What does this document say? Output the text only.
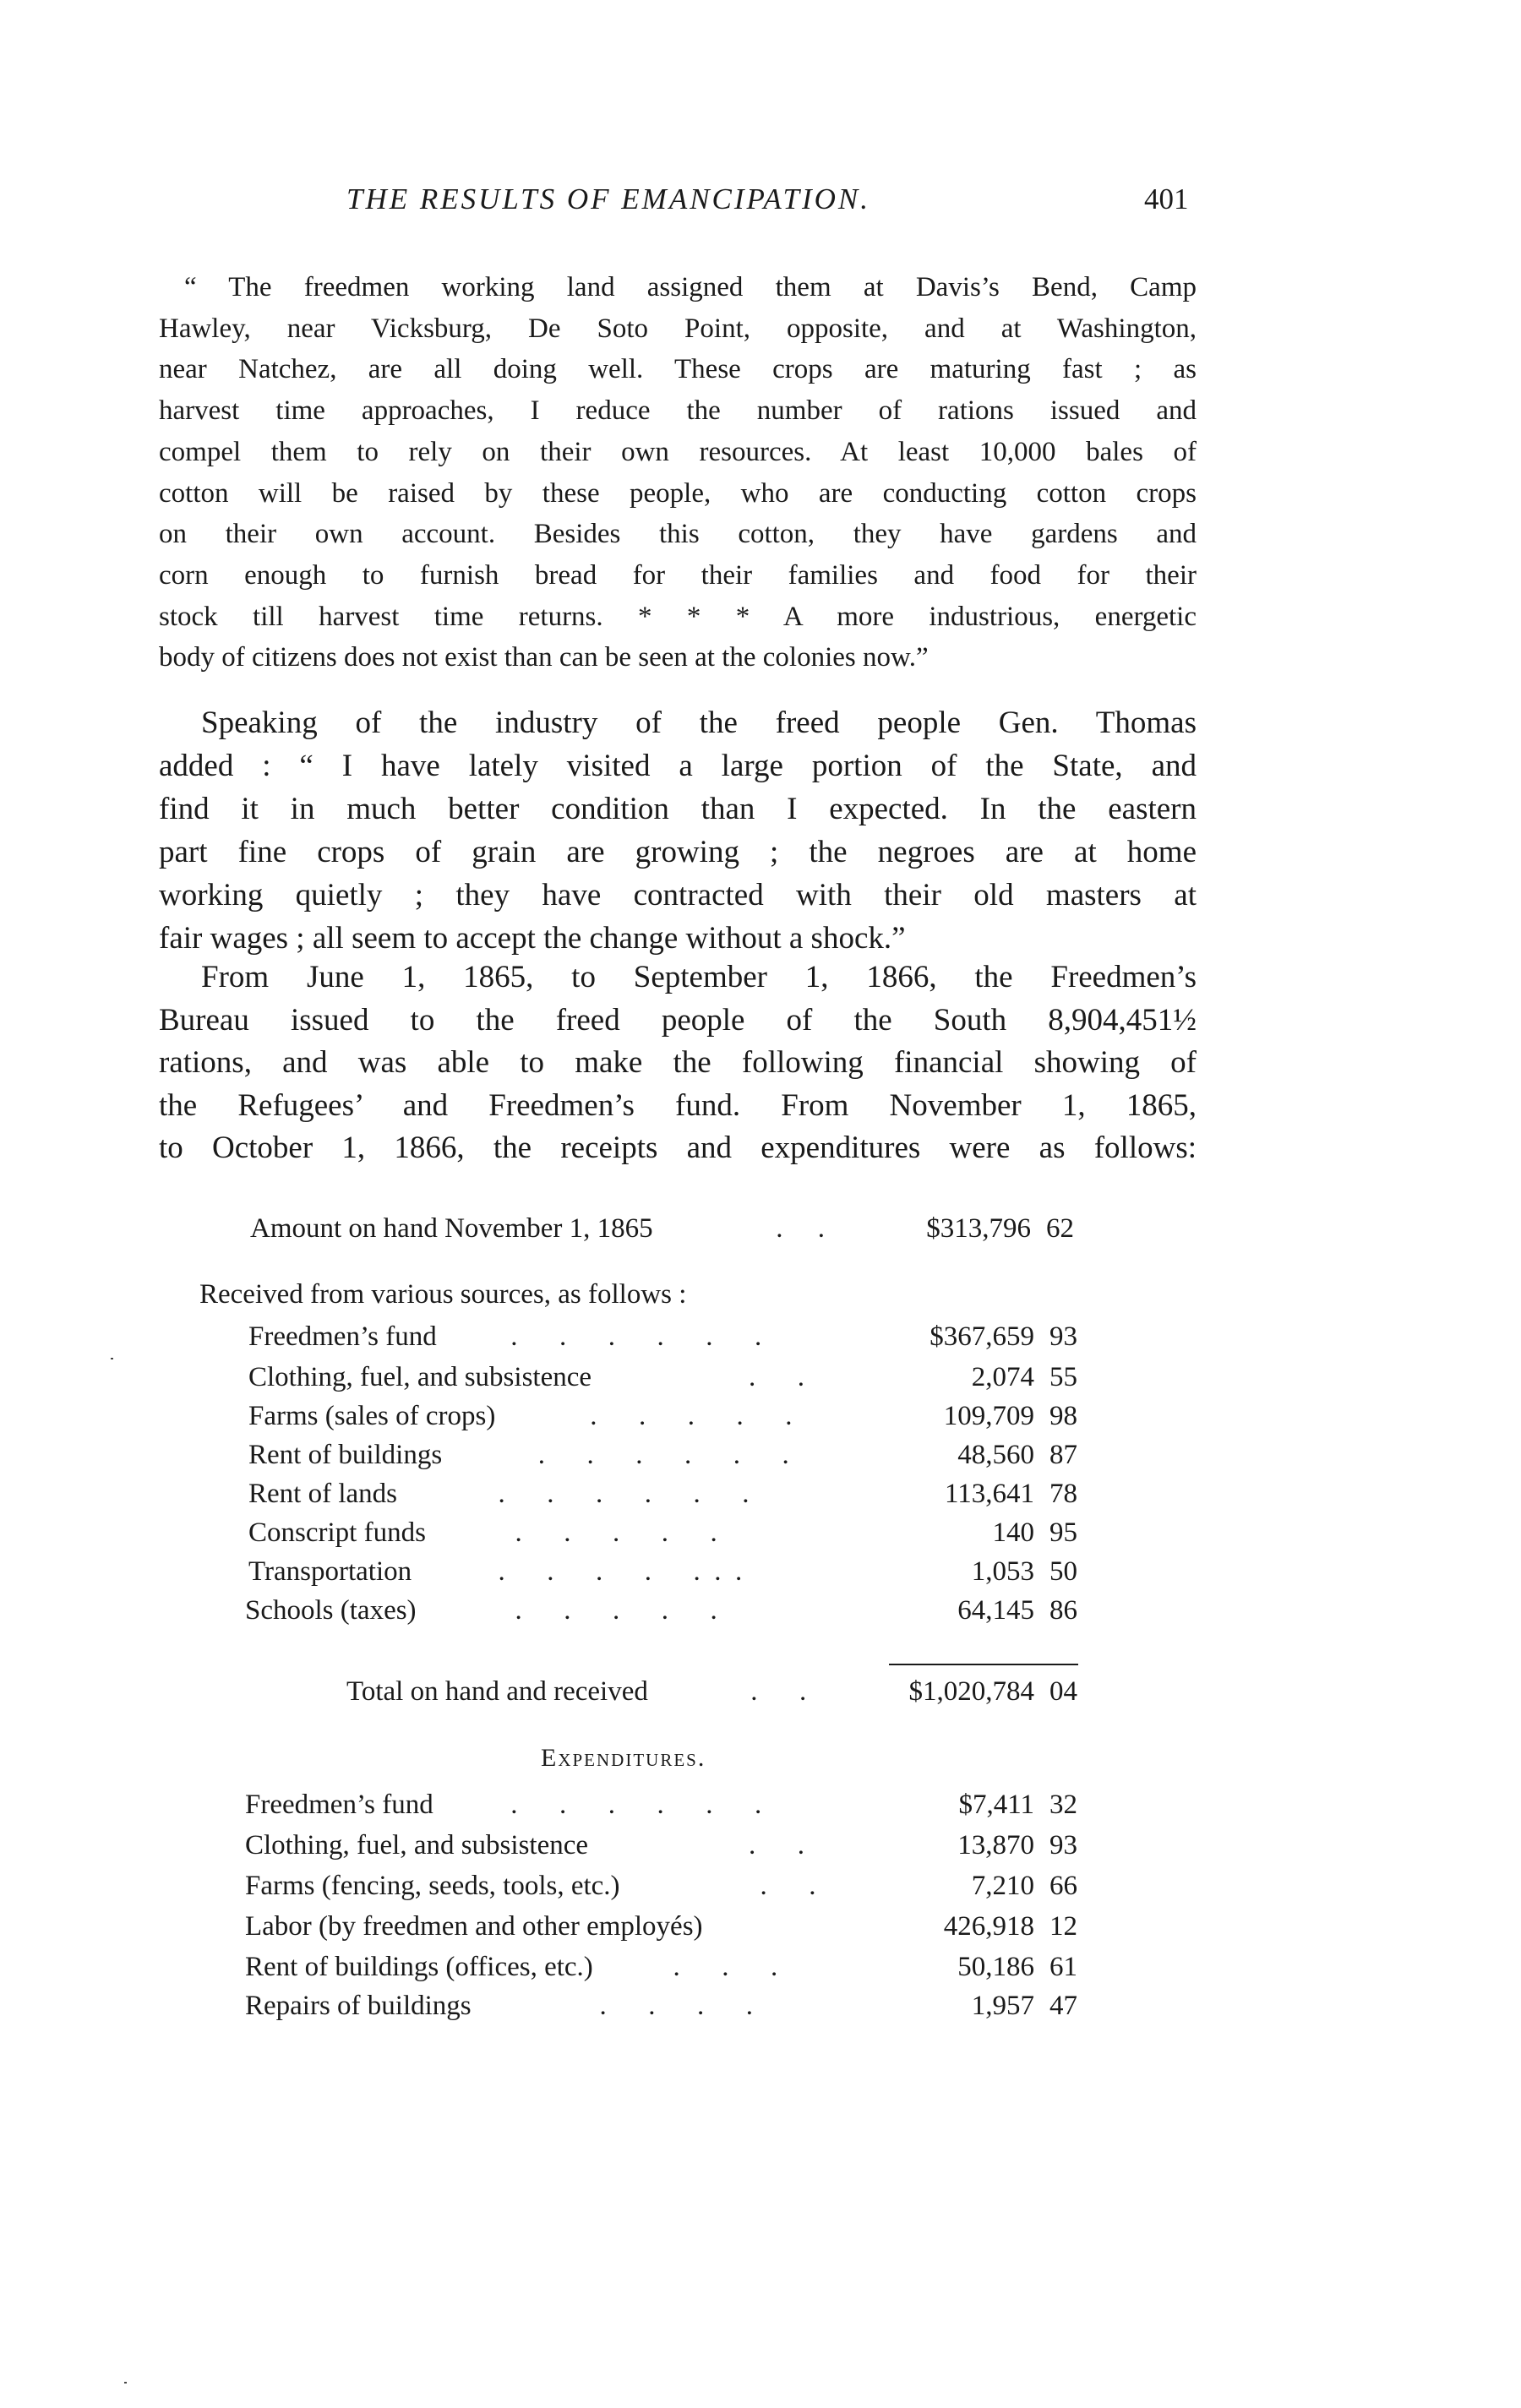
THE RESULTS OF EMANCIPATION.	401
“ The freedmen working land assigned them at Davis’s Bend, Camp
Hawley, near Vicksburg, De Soto Point, opposite, and at Washington,
near Natchez, are all doing well. These crops are maturing fast ; as
harvest time approaches, I reduce the number of rations issued and
compel them to rely on their own resources. At least 10,000 bales of
cotton will be raised by these people, who are conducting cotton crops
on their own account. Besides this cotton, they have gardens and
corn enough to furnish bread for their families and food for their
stock till harvest time returns. * * * A more industrious, energetic
body of citizens does not exist than can be seen at the colonies now.”
Speaking of the industry of the freed people Gen. Thomas
added : “ I have lately visited a large portion of the State, and
find it in much better condition than I expected. In the eastern
part fine crops of grain are growing ; the negroes are at home
working quietly ; they have contracted with their old masters at
fair wages ; all seem to accept the change without a shock.”
From June 1, 1865, to September 1, 1866, the Freedmen’s
Bureau issued to the freed people of the South 8,904,451½
rations, and was able to make the following financial showing of
the Refugees’ and Freedmen’s fund. From November 1, 1865,
to October 1, 1866, the receipts and expenditures were as follows:
Amount on hand November 1, 1865	.     .	$313,796 62
Received from various sources, as follows :
Freedmen’s fund .      .      .      .      .      .	$367,659 93
Clothing, fuel, and subsistence	.      .	2,074 55
Farms (sales of crops)	.      .      .      .      .	109,709 98
Rent of buildings	.      .      .      .      .      .	48,560 87
Rent of lands .      .      .      .      .      .	113,641 78
Conscript funds .      .      .      .      .	140 95
Transportation .      .      .      .      .  .  .	1,053 50
Schools (taxes) .      .      .      .      .	64,145 86
Total on hand and received	.      .	$1,020,784 04
Expenditures.
Freedmen’s fund	.      .      .      .      .      .	$7,411 32
Clothing, fuel, and subsistence	.      .	13,870 93
Farms (fencing, seeds, tools, etc.)	.      .	7,210 66
Labor (by freedmen and other employés)	426,918 12
Rent of buildings (offices, etc.) .      .      .	50,186 61
Repairs of buildings	.      .      .      .	1,957 47
